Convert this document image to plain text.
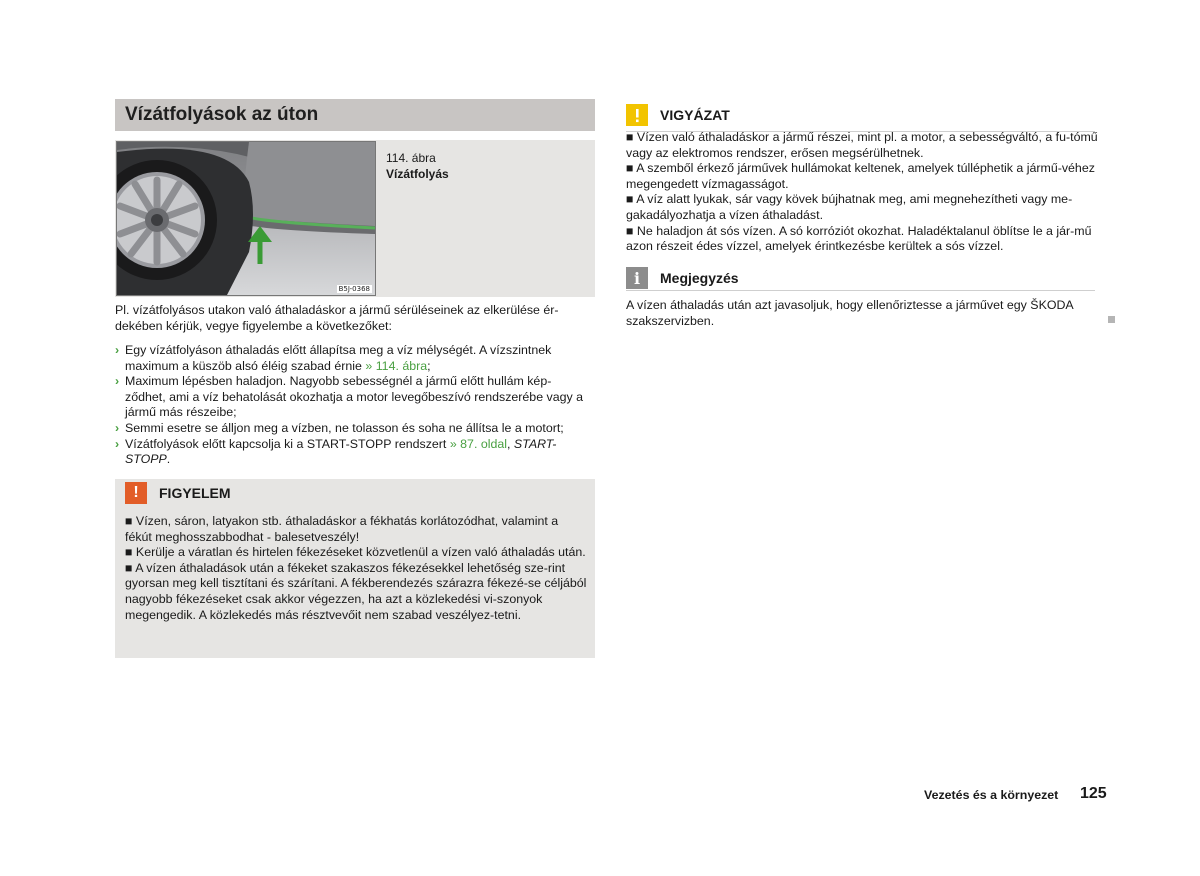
Vízátfolyások az úton
B5J-0368
114. ábra
Vízátfolyás
Pl. vízátfolyásos utakon való áthaladáskor a jármű sérüléseinek az elkerülése ér-dekében kérjük, vegye figyelembe a következőket:
› Egy vízátfolyáson áthaladás előtt állapítsa meg a víz mélységét. A vízszintnek maximum a küszöb alsó éléig szabad érnie » 114. ábra;
› Maximum lépésben haladjon. Nagyobb sebességnél a jármű előtt hullám kép-ződhet, ami a víz behatolását okozhatja a motor levegőbeszívó rendszerébe vagy a jármű más részeibe;
› Semmi esetre se álljon meg a vízben, ne tolasson és soha ne állítsa le a motort;
› Vízátfolyások előtt kapcsolja ki a START-STOPP rendszert » 87. oldal, START-STOPP.
!	FIGYELEM

■ Vízen, sáron, latyakon stb. áthaladáskor a fékhatás korlátozódhat, valamint a fékút meghosszabbodhat - balesetveszély!

■ Kerülje a váratlan és hirtelen fékezéseket közvetlenül a vízen való áthaladás után.

■ A vízen áthaladások után a fékeket szakaszos fékezésekkel lehetőség sze-rint gyorsan meg kell tisztítani és szárítani. A fékberendezés szárazra fékezé-se céljából nagyobb fékezéseket csak akkor végezzen, ha azt a közlekedési vi-szonyok megengedik. A közlekedés más résztvevőit nem szabad veszélyez-tetni.

VIGYÁZAT

■ Vízen való áthaladáskor a jármű részei, mint pl. a motor, a sebességváltó, a fu-tómű vagy az elektromos rendszer, erősen megsérülhetnek.

■ A szemből érkező járművek hullámokat keltenek, amelyek túlléphetik a jármű-véhez megengedett vízmagasságot.

■ A víz alatt lyukak, sár vagy kövek bújhatnak meg, ami megnehezítheti vagy me-gakadályozhatja a vízen áthaladást.

■ Ne haladjon át sós vízen. A só korróziót okozhat. Haladéktalanul öblítse le a jár-mű azon részeit édes vízzel, amelyek érintkezésbe kerültek a sós vízzel.

i	Megjegyzés
A vízen áthaladás után azt javasoljuk, hogy ellenőriztesse a járművet egy ŠKODA szakszervizben.
Vezetés és a környezet 125
